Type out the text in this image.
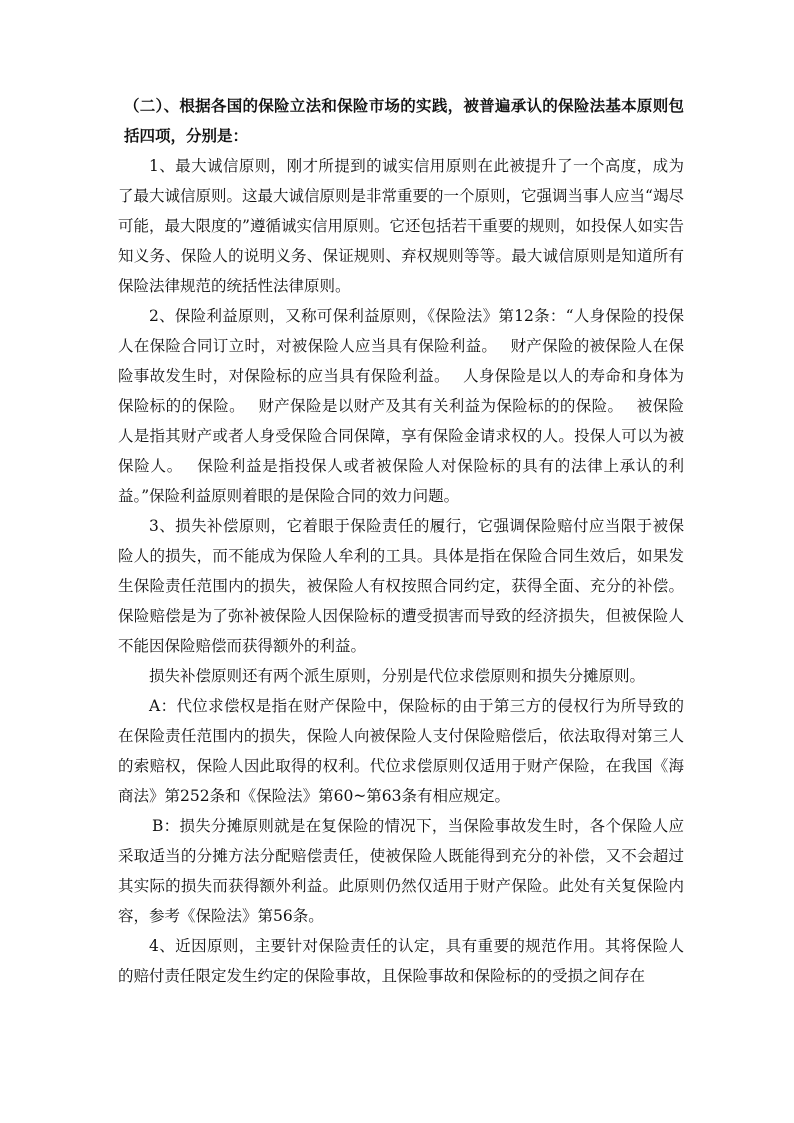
（二）、根据各国的保险立法和保险市场的实践，被普遍承认的保险法基本原则包括四项，分别是：

1、最大诚信原则，刚才所提到的诚实信用原则在此被提升了一个高度，成为了最大诚信原则。这最大诚信原则是非常重要的一个原则，它强调当事人应当“竭尽可能，最大限度的”遵循诚实信用原则。它还包括若干重要的规则，如投保人如实告知义务、保险人的说明义务、保证规则、弃权规则等等。最大诚信原则是知道所有保险法律规范的统括性法律原则。

2、保险利益原则，又称可保利益原则，《保险法》第12条：“人身保险的投保人在保险合同订立时，对被保险人应当具有保险利益。　 财产保险的被保险人在保险事故发生时，对保险标的应当具有保险利益。　 人身保险是以人的寿命和身体为保险标的的保险。　 财产保险是以财产及其有关利益为保险标的的保险。　 被保险人是指其财产或者人身受保险合同保障，享有保险金请求权的人。投保人可以为被保险人。　 保险利益是指投保人或者被保险人对保险标的具有的法律上承认的利益。”保险利益原则着眼的是保险合同的效力问题。

3、损失补偿原则，它着眼于保险责任的履行，它强调保险赔付应当限于被保险人的损失，而不能成为保险人牟利的工具。具体是指在保险合同生效后，如果发生保险责任范围内的损失，被保险人有权按照合同约定，获得全面、充分的补偿。保险赔偿是为了弥补被保险人因保险标的遭受损害而导致的经济损失，但被保险人不能因保险赔偿而获得额外的利益。

损失补偿原则还有两个派生原则，分别是代位求偿原则和损失分摊原则。

A：代位求偿权是指在财产保险中，保险标的由于第三方的侵权行为所导致的在保险责任范围内的损失，保险人向被保险人支付保险赔偿后，依法取得对第三人的索赔权，保险人因此取得的权利。代位求偿原则仅适用于财产保险，在我国《海商法》第252条和《保险法》第60~第63条有相应规定。

B：损失分摊原则就是在复保险的情况下，当保险事故发生时，各个保险人应采取适当的分摊方法分配赔偿责任，使被保险人既能得到充分的补偿，又不会超过其实际的损失而获得额外利益。此原则仍然仅适用于财产保险。此处有关复保险内容，参考《保险法》第56条。

4、近因原则，主要针对保险责任的认定，具有重要的规范作用。其将保险人的赔付责任限定发生约定的保险事故，且保险事故和保险标的的受损之间存在
